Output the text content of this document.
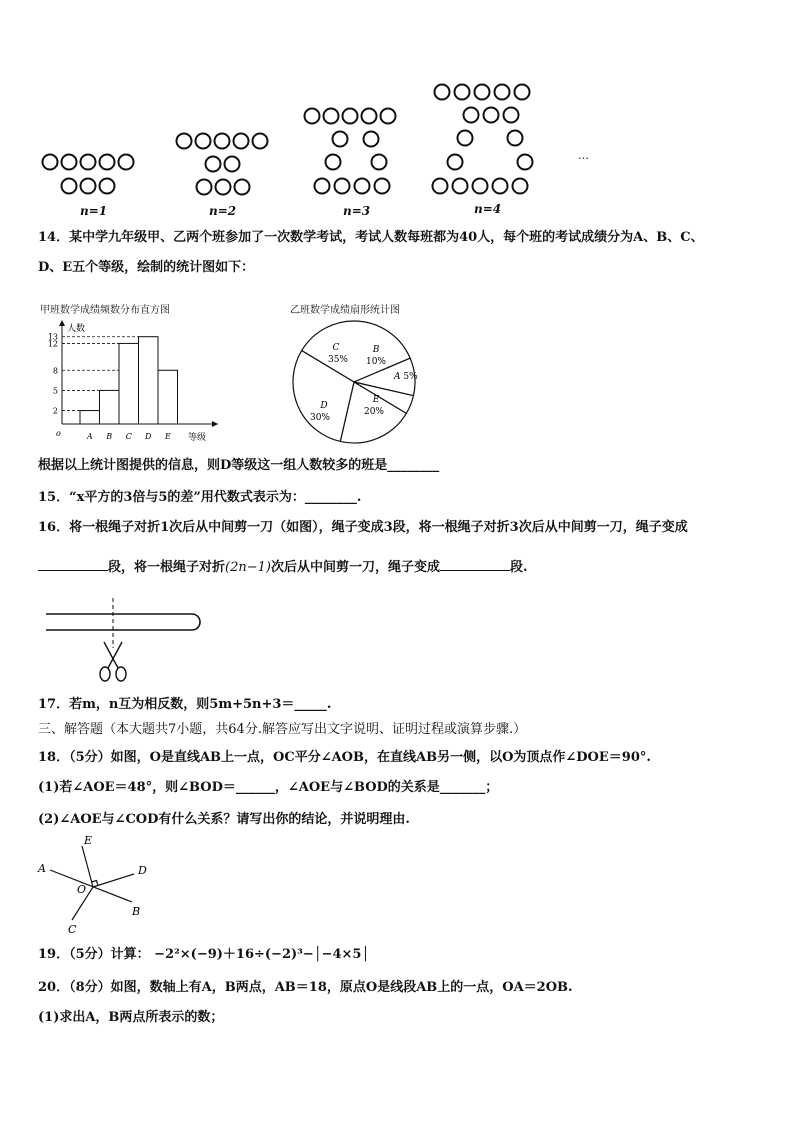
n=1	n=2	n=3	n=4
…
14．某中学九年级甲、乙两个班参加了一次数学考试，考试人数每班都为40人，每个班的考试成绩分为A、B、C、
D、E五个等级，绘制的统计图如下：
甲班数学成绩频数分布直方图
人数
等级
o
2
5
8
12
13
A B C D E
乙班数学成绩扇形统计图
C
35%
B
10%
A 5%
E
20%
D
30%
根据以上统计图提供的信息，则D等级这一组人数较多的班是________
15．“x平方的3倍与5的差”用代数式表示为：________.
16．将一根绳子对折1次后从中间剪一刀（如图），绳子变成3段，将一根绳子对折3次后从中间剪一刀，绳子变成
段，将一根绳子对折(2n−1)次后从中间剪一刀，绳子变成	段.
17．若m，n互为相反数，则5m+5n+3＝_____.
三、解答题（本大题共7小题，共64分.解答应写出文字说明、证明过程或演算步骤.）
18．（5分）如图，O是直线AB上一点，OC平分∠AOB，在直线AB另一侧，以O为顶点作∠DOE＝90°.
(1)若∠AOE＝48°，则∠BOD＝______，∠AOE与∠BOD的关系是_______；
(2)∠AOE与∠COD有什么关系？请写出你的结论，并说明理由.
E
D
A
O
B
C
19．（5分）计算： −2²×(−9)＋16÷(−2)³−│−4×5│
20．（8分）如图，数轴上有A，B两点，AB＝18，原点O是线段AB上的一点，OA＝2OB.
(1)求出A，B两点所表示的数；
